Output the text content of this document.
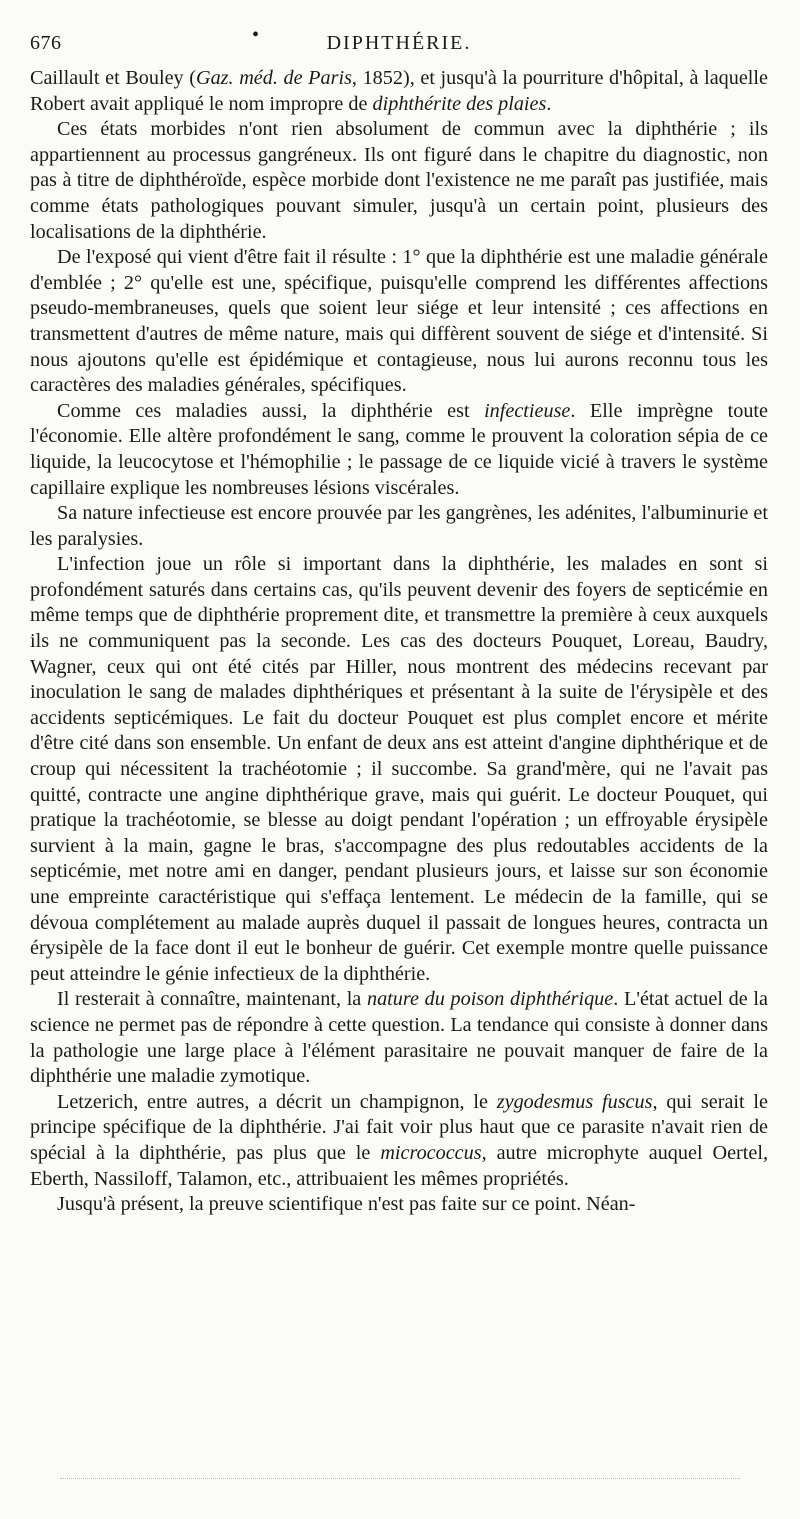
676	•	DIPHTHÉRIE.

Caillault et Bouley (Gaz. méd. de Paris, 1852), et jusqu'à la pourriture d'hôpital, à laquelle Robert avait appliqué le nom impropre de diphthérite des plaies.

Ces états morbides n'ont rien absolument de commun avec la diphthérie ; ils appartiennent au processus gangréneux. Ils ont figuré dans le chapitre du diagnostic, non pas à titre de diphthéroïde, espèce morbide dont l'existence ne me paraît pas justifiée, mais comme états pathologiques pouvant simuler, jusqu'à un certain point, plusieurs des localisations de la diphthérie.

De l'exposé qui vient d'être fait il résulte : 1° que la diphthérie est une maladie générale d'emblée ; 2° qu'elle est une, spécifique, puisqu'elle comprend les différentes affections pseudo-membraneuses, quels que soient leur siége et leur intensité ; ces affections en transmettent d'autres de même nature, mais qui diffèrent souvent de siége et d'intensité. Si nous ajoutons qu'elle est épidémique et contagieuse, nous lui aurons reconnu tous les caractères des maladies générales, spécifiques.

Comme ces maladies aussi, la diphthérie est infectieuse. Elle imprègne toute l'économie. Elle altère profondément le sang, comme le prouvent la coloration sépia de ce liquide, la leucocytose et l'hémophilie ; le passage de ce liquide vicié à travers le système capillaire explique les nombreuses lésions viscérales.

Sa nature infectieuse est encore prouvée par les gangrènes, les adénites, l'albuminurie et les paralysies.

L'infection joue un rôle si important dans la diphthérie, les malades en sont si profondément saturés dans certains cas, qu'ils peuvent devenir des foyers de septicémie en même temps que de diphthérie proprement dite, et transmettre la première à ceux auxquels ils ne communiquent pas la seconde. Les cas des docteurs Pouquet, Loreau, Baudry, Wagner, ceux qui ont été cités par Hiller, nous montrent des médecins recevant par inoculation le sang de malades diphthériques et présentant à la suite de l'érysipèle et des accidents septicémiques. Le fait du docteur Pouquet est plus complet encore et mérite d'être cité dans son ensemble. Un enfant de deux ans est atteint d'angine diphthérique et de croup qui nécessitent la trachéotomie ; il succombe. Sa grand'mère, qui ne l'avait pas quitté, contracte une angine diphthérique grave, mais qui guérit. Le docteur Pouquet, qui pratique la trachéotomie, se blesse au doigt pendant l'opération ; un effroyable érysipèle survient à la main, gagne le bras, s'accompagne des plus redoutables accidents de la septicémie, met notre ami en danger, pendant plusieurs jours, et laisse sur son économie une empreinte caractéristique qui s'effaça lentement. Le médecin de la famille, qui se dévoua complétement au malade auprès duquel il passait de longues heures, contracta un érysipèle de la face dont il eut le bonheur de guérir. Cet exemple montre quelle puissance peut atteindre le génie infectieux de la diphthérie.

Il resterait à connaître, maintenant, la nature du poison diphthérique. L'état actuel de la science ne permet pas de répondre à cette question. La tendance qui consiste à donner dans la pathologie une large place à l'élément parasitaire ne pouvait manquer de faire de la diphthérie une maladie zymotique.

Letzerich, entre autres, a décrit un champignon, le zygodesmus fuscus, qui serait le principe spécifique de la diphthérie. J'ai fait voir plus haut que ce parasite n'avait rien de spécial à la diphthérie, pas plus que le micrococcus, autre microphyte auquel Oertel, Eberth, Nassiloff, Talamon, etc., attribuaient les mêmes propriétés.

Jusqu'à présent, la preuve scientifique n'est pas faite sur ce point. Néan-
